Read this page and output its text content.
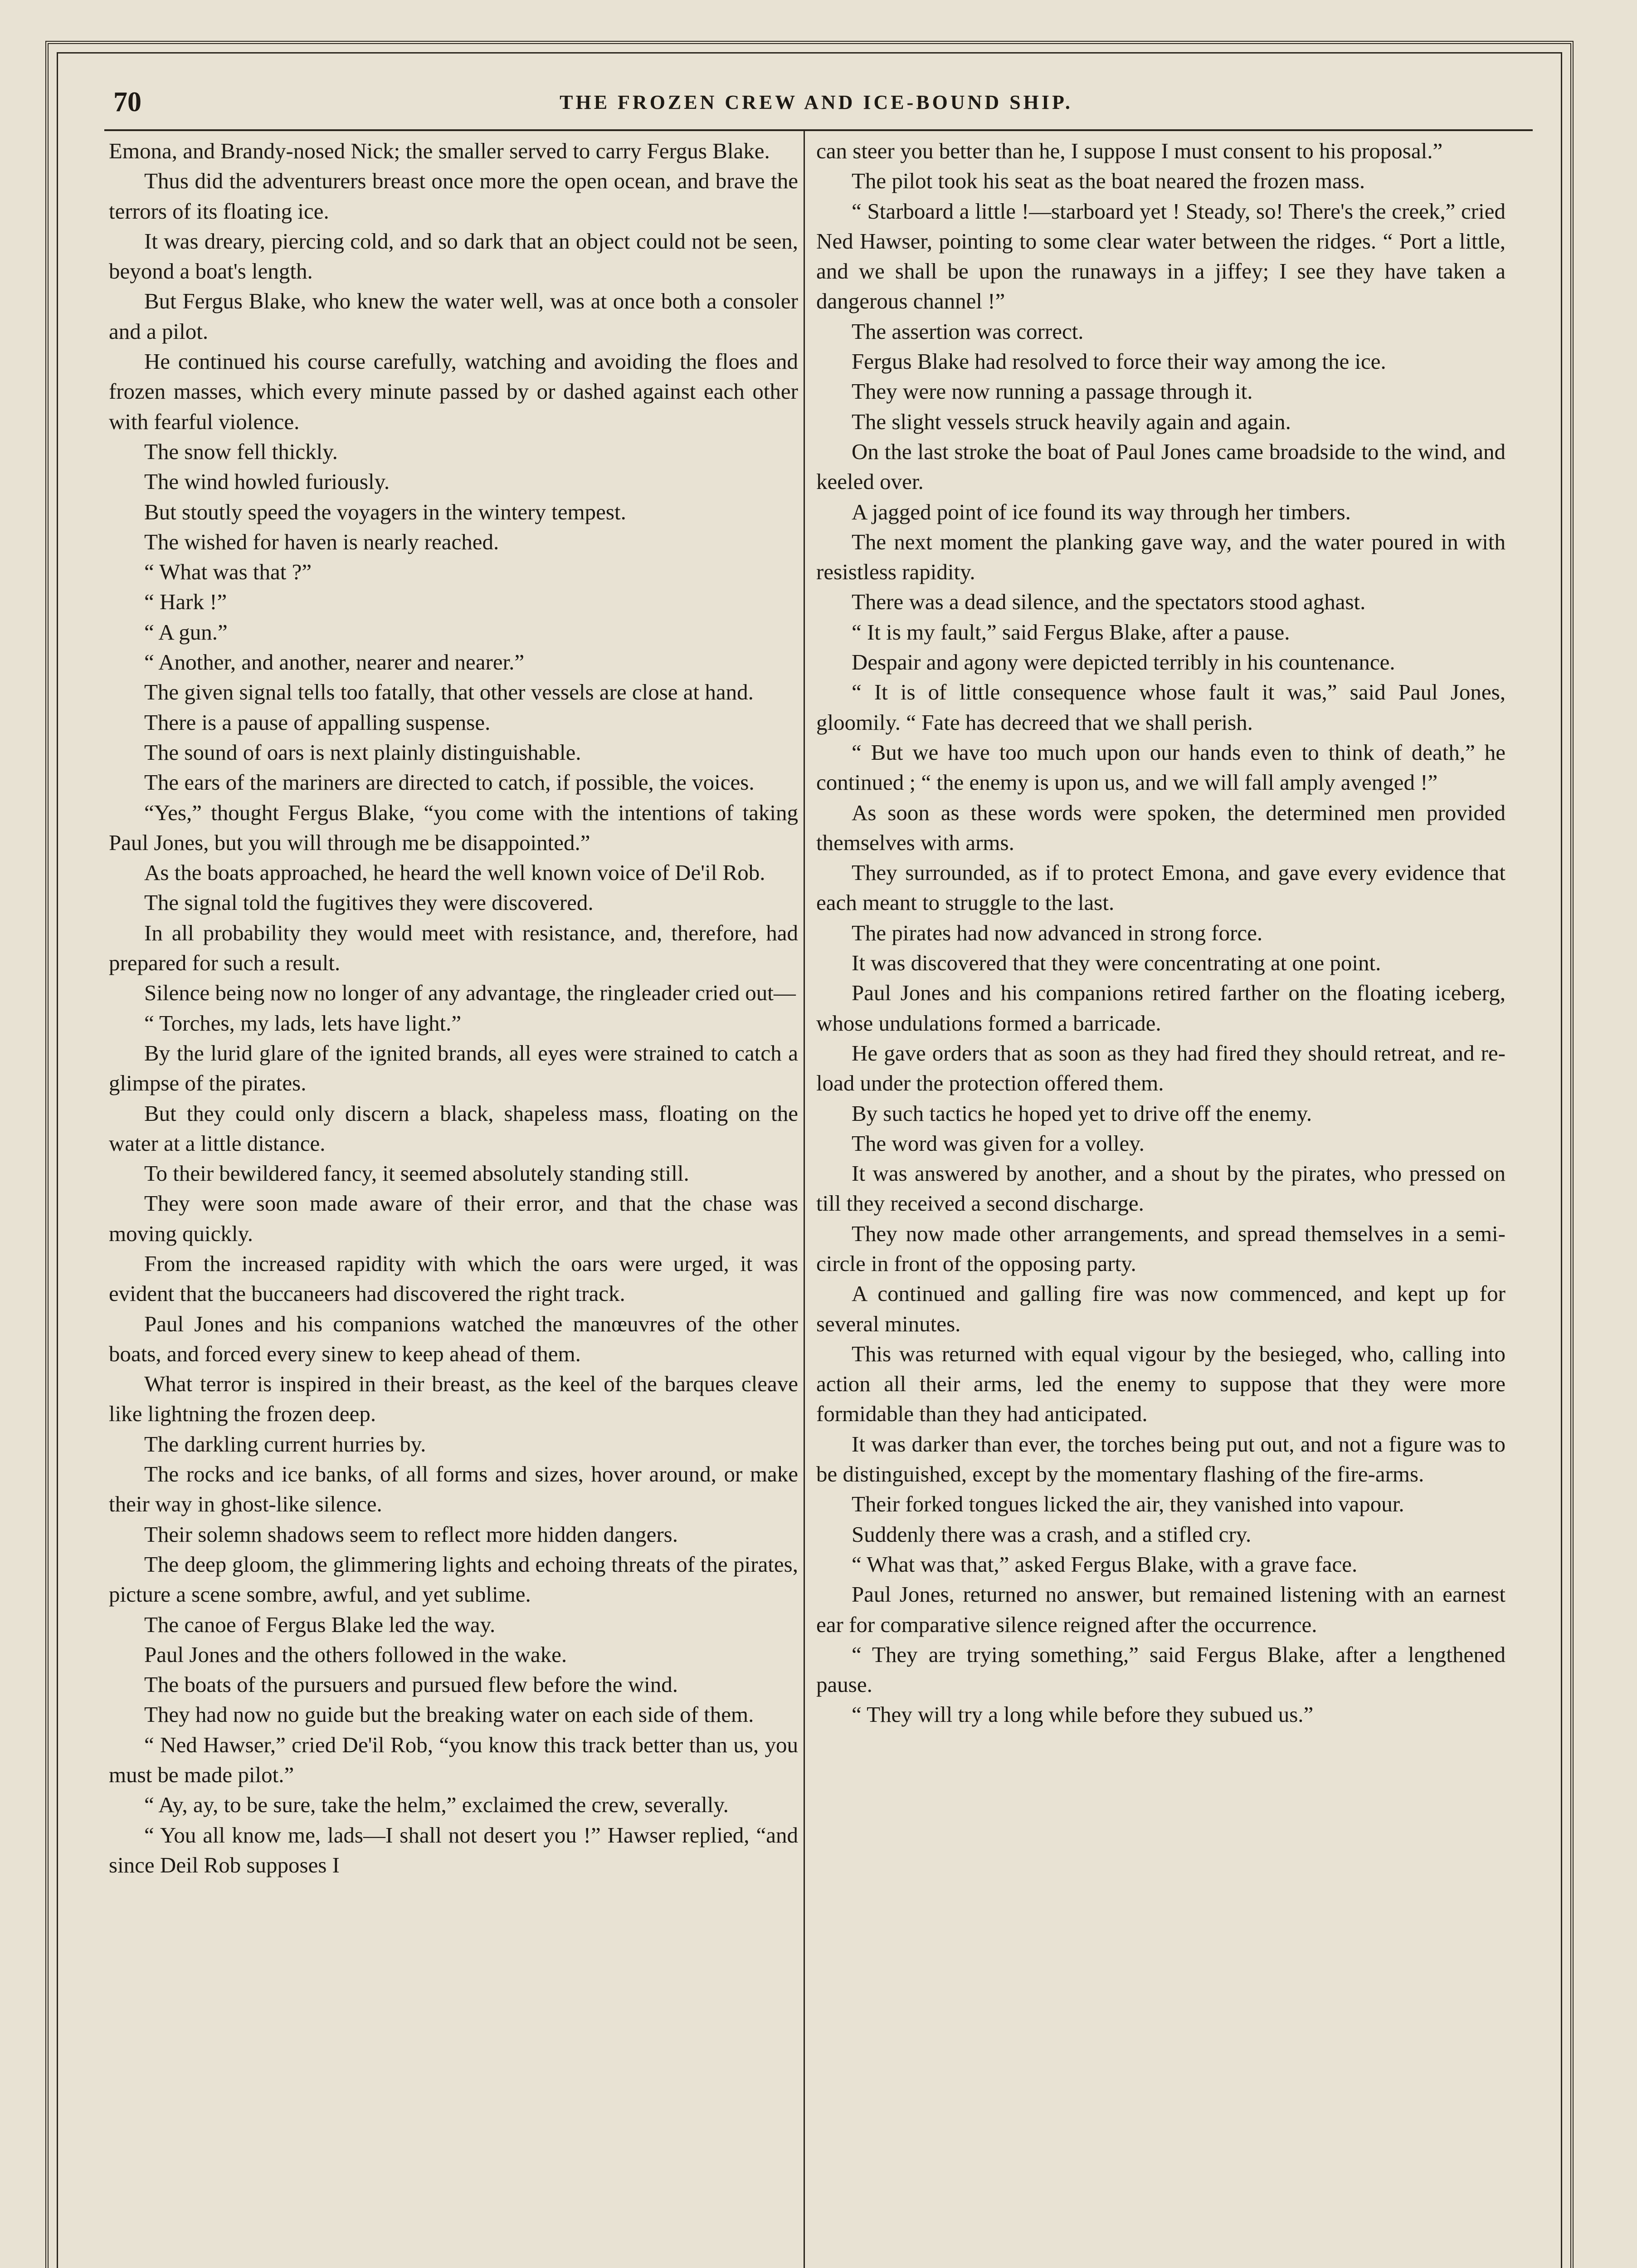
70	THE FROZEN CREW AND ICE-BOUND SHIP.

Emona, and Brandy-nosed Nick; the smaller served to carry Fergus Blake.

Thus did the adventurers breast once more the open ocean, and brave the terrors of its floating ice.

It was dreary, piercing cold, and so dark that an object could not be seen, beyond a boat's length.

But Fergus Blake, who knew the water well, was at once both a consoler and a pilot.

He continued his course carefully, watching and avoiding the floes and frozen masses, which every minute passed by or dashed against each other with fearful violence.

The snow fell thickly.

The wind howled furiously.

But stoutly speed the voyagers in the wintery tempest.

The wished for haven is nearly reached.

“ What was that ?”

“ Hark !”

“ A gun.”

“ Another, and another, nearer and nearer.”

The given signal tells too fatally, that other vessels are close at hand.

There is a pause of appalling suspense.

The sound of oars is next plainly distinguishable.

The ears of the mariners are directed to catch, if possible, the voices.

“Yes,” thought Fergus Blake, “you come with the intentions of taking Paul Jones, but you will through me be disappointed.”

As the boats approached, he heard the well known voice of De'il Rob.

The signal told the fugitives they were discovered.

In all probability they would meet with resistance, and, therefore, had prepared for such a result.

Silence being now no longer of any advantage, the ringleader cried out—

“ Torches, my lads, lets have light.”

By the lurid glare of the ignited brands, all eyes were strained to catch a glimpse of the pirates.

But they could only discern a black, shapeless mass, floating on the water at a little distance.

To their bewildered fancy, it seemed absolutely standing still.

They were soon made aware of their error, and that the chase was moving quickly.

From the increased rapidity with which the oars were urged, it was evident that the buccaneers had discovered the right track.

Paul Jones and his companions watched the manœuvres of the other boats, and forced every sinew to keep ahead of them.

What terror is inspired in their breast, as the keel of the barques cleave like lightning the frozen deep.

The darkling current hurries by.

The rocks and ice banks, of all forms and sizes, hover around, or make their way in ghost-like silence.

Their solemn shadows seem to reflect more hidden dangers.

The deep gloom, the glimmering lights and echoing threats of the pirates, picture a scene sombre, awful, and yet sublime.

The canoe of Fergus Blake led the way.

Paul Jones and the others followed in the wake.

The boats of the pursuers and pursued flew before the wind.

They had now no guide but the breaking water on each side of them.

“ Ned Hawser,” cried De'il Rob, “you know this track better than us, you must be made pilot.”

“ Ay, ay, to be sure, take the helm,” exclaimed the crew, severally.

“ You all know me, lads—I shall not desert you !” Hawser replied, “and since Deil Rob supposes I

can steer you better than he, I suppose I must consent to his proposal.”

The pilot took his seat as the boat neared the frozen mass.

“ Starboard a little !—starboard yet ! Steady, so! There's the creek,” cried Ned Hawser, pointing to some clear water between the ridges. “ Port a little, and we shall be upon the runaways in a jiffey; I see they have taken a dangerous channel !”

The assertion was correct.

Fergus Blake had resolved to force their way among the ice.

They were now running a passage through it.

The slight vessels struck heavily again and again.

On the last stroke the boat of Paul Jones came broadside to the wind, and keeled over.

A jagged point of ice found its way through her timbers.

The next moment the planking gave way, and the water poured in with resistless rapidity.

There was a dead silence, and the spectators stood aghast.

“ It is my fault,” said Fergus Blake, after a pause.

Despair and agony were depicted terribly in his countenance.

“ It is of little consequence whose fault it was,” said Paul Jones, gloomily. “ Fate has decreed that we shall perish.

“ But we have too much upon our hands even to think of death,” he continued ; “ the enemy is upon us, and we will fall amply avenged !”

As soon as these words were spoken, the determined men provided themselves with arms.

They surrounded, as if to protect Emona, and gave every evidence that each meant to struggle to the last.

The pirates had now advanced in strong force.

It was discovered that they were concentrating at one point.

Paul Jones and his companions retired farther on the floating iceberg, whose undulations formed a barricade.

He gave orders that as soon as they had fired they should retreat, and re-load under the protection offered them.

By such tactics he hoped yet to drive off the enemy.

The word was given for a volley.

It was answered by another, and a shout by the pirates, who pressed on till they received a second discharge.

They now made other arrangements, and spread themselves in a semi-circle in front of the opposing party.

A continued and galling fire was now commenced, and kept up for several minutes.

This was returned with equal vigour by the besieged, who, calling into action all their arms, led the enemy to suppose that they were more formidable than they had anticipated.

It was darker than ever, the torches being put out, and not a figure was to be distinguished, except by the momentary flashing of the fire-arms.

Their forked tongues licked the air, they vanished into vapour.

Suddenly there was a crash, and a stifled cry.

“ What was that,” asked Fergus Blake, with a grave face.

Paul Jones, returned no answer, but remained listening with an earnest ear for comparative silence reigned after the occurrence.

“ They are trying something,” said Fergus Blake, after a lengthened pause.

“ They will try a long while before they subued us.”
